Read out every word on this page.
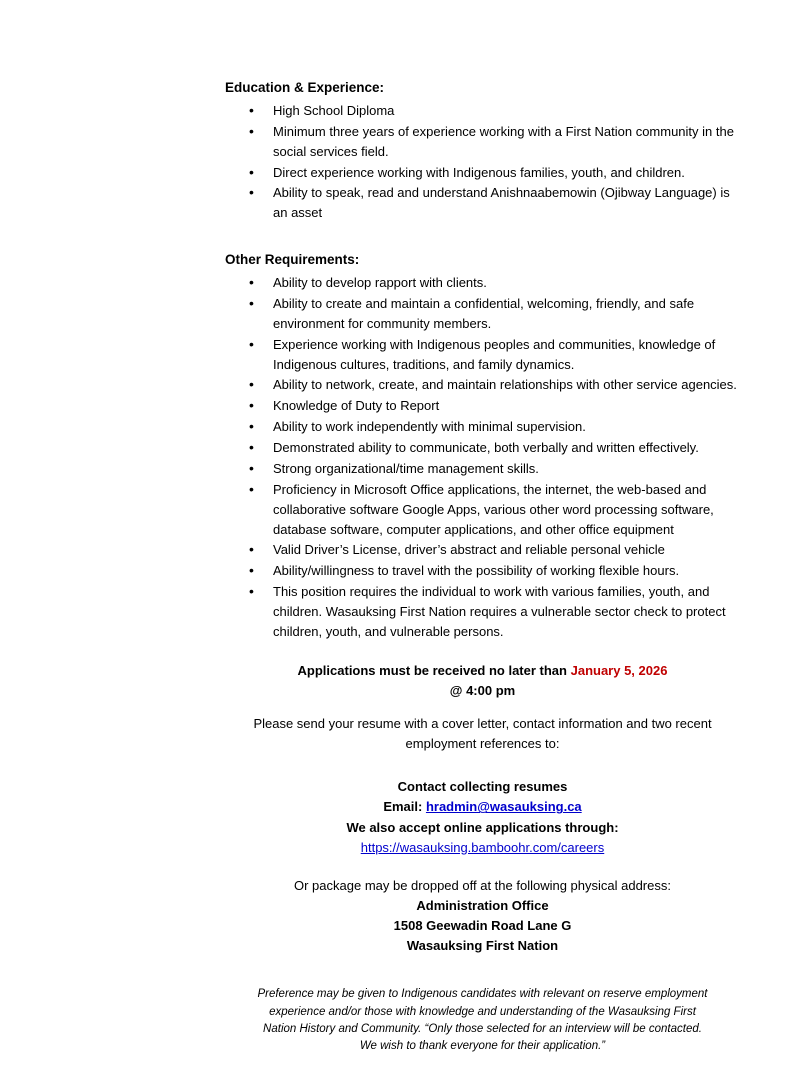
Education & Experience:

• High School Diploma
• Minimum three years of experience working with a First Nation community in the social services field.
• Direct experience working with Indigenous families, youth, and children.
• Ability to speak, read and understand Anishnaabemowin (Ojibway Language) is an asset

Other Requirements:

• Ability to develop rapport with clients.
• Ability to create and maintain a confidential, welcoming, friendly, and safe environment for community members.
• Experience working with Indigenous peoples and communities, knowledge of Indigenous cultures, traditions, and family dynamics.
• Ability to network, create, and maintain relationships with other service agencies.
• Knowledge of Duty to Report
• Ability to work independently with minimal supervision.
• Demonstrated ability to communicate, both verbally and written effectively.
• Strong organizational/time management skills.
• Proficiency in Microsoft Office applications, the internet, the web-based and collaborative software Google Apps, various other word processing software, database software, computer applications, and other office equipment
• Valid Driver’s License, driver’s abstract and reliable personal vehicle
• Ability/willingness to travel with the possibility of working flexible hours.
• This position requires the individual to work with various families, youth, and children. Wasauksing First Nation requires a vulnerable sector check to protect children, youth, and vulnerable persons.

Applications must be received no later than January 5, 2026

@ 4:00 pm

Please send your resume with a cover letter, contact information and two recent employment references to:

Contact collecting resumes

Email: hradmin@wasauksing.ca

We also accept online applications through:

https://wasauksing.bamboohr.com/careers

Or package may be dropped off at the following physical address:

Administration Office

1508 Geewadin Road Lane G

Wasauksing First Nation

Preference may be given to Indigenous candidates with relevant on reserve employment experience and/or those with knowledge and understanding of the Wasauksing First Nation History and Community. “Only those selected for an interview will be contacted. We wish to thank everyone for their application.”
